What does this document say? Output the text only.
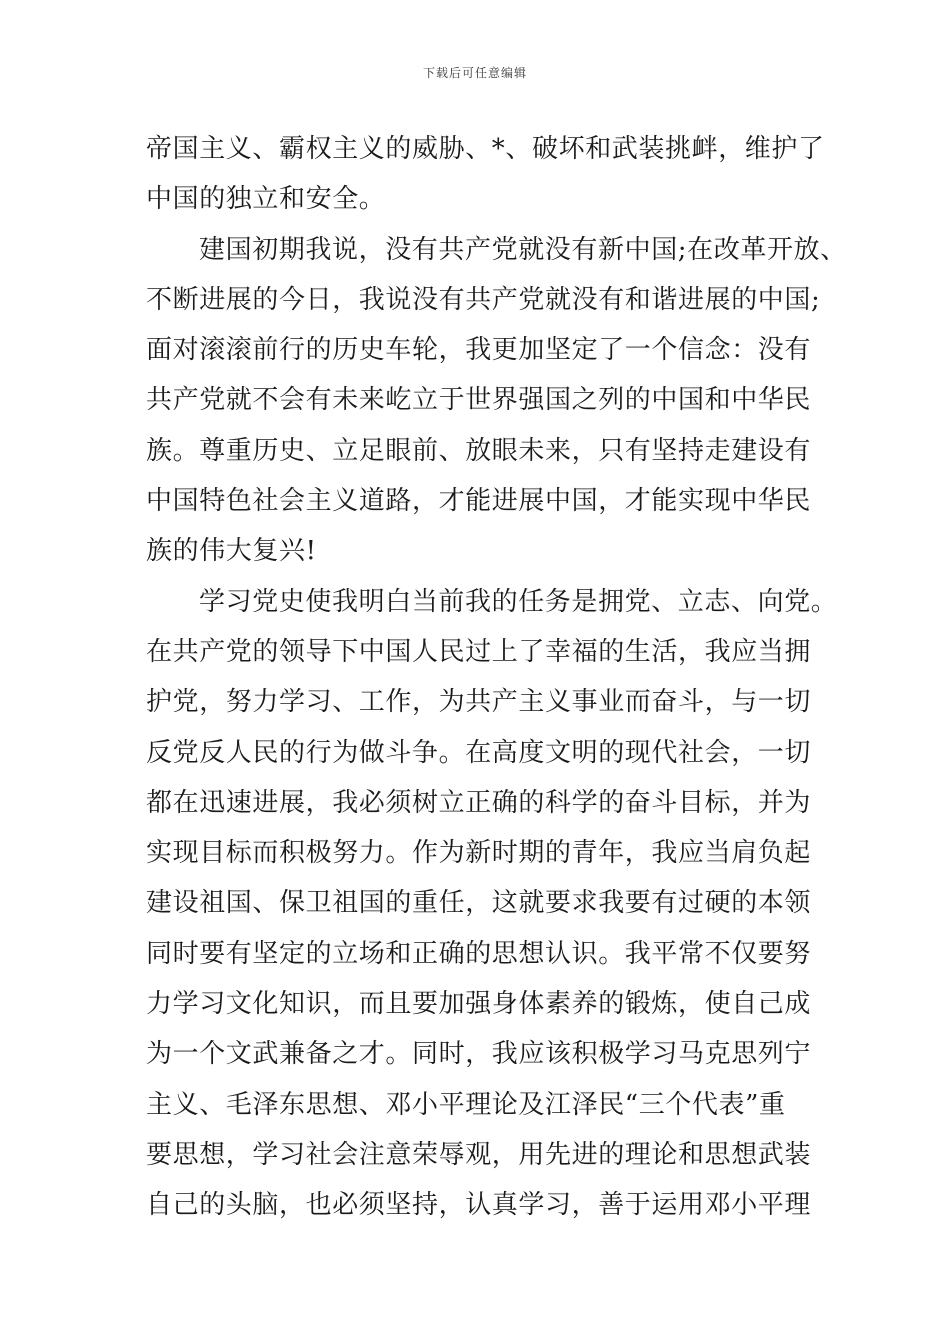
下载后可任意编辑
帝国主义、霸权主义的威胁、*、破坏和武装挑衅，维护了
中国的独立和安全。
建国初期我说，没有共产党就没有新中国;在改革开放、
不断进展的今日，我说没有共产党就没有和谐进展的中国;
面对滚滚前行的历史车轮，我更加坚定了一个信念：没有
共产党就不会有未来屹立于世界强国之列的中国和中华民
族。尊重历史、立足眼前、放眼未来，只有坚持走建设有
中国特色社会主义道路，才能进展中国，才能实现中华民
族的伟大复兴!
学习党史使我明白当前我的任务是拥党、立志、向党。
在共产党的领导下中国人民过上了幸福的生活，我应当拥
护党，努力学习、工作，为共产主义事业而奋斗，与一切
反党反人民的行为做斗争。在高度文明的现代社会，一切
都在迅速进展，我必须树立正确的科学的奋斗目标，并为
实现目标而积极努力。作为新时期的青年，我应当肩负起
建设祖国、保卫祖国的重任，这就要求我要有过硬的本领
同时要有坚定的立场和正确的思想认识。我平常不仅要努
力学习文化知识，而且要加强身体素养的锻炼，使自己成
为一个文武兼备之才。同时，我应该积极学习马克思列宁
主义、毛泽东思想、邓小平理论及江泽民“三个代表”重
要思想，学习社会注意荣辱观，用先进的理论和思想武装
自己的头脑，也必须坚持，认真学习，善于运用邓小平理
